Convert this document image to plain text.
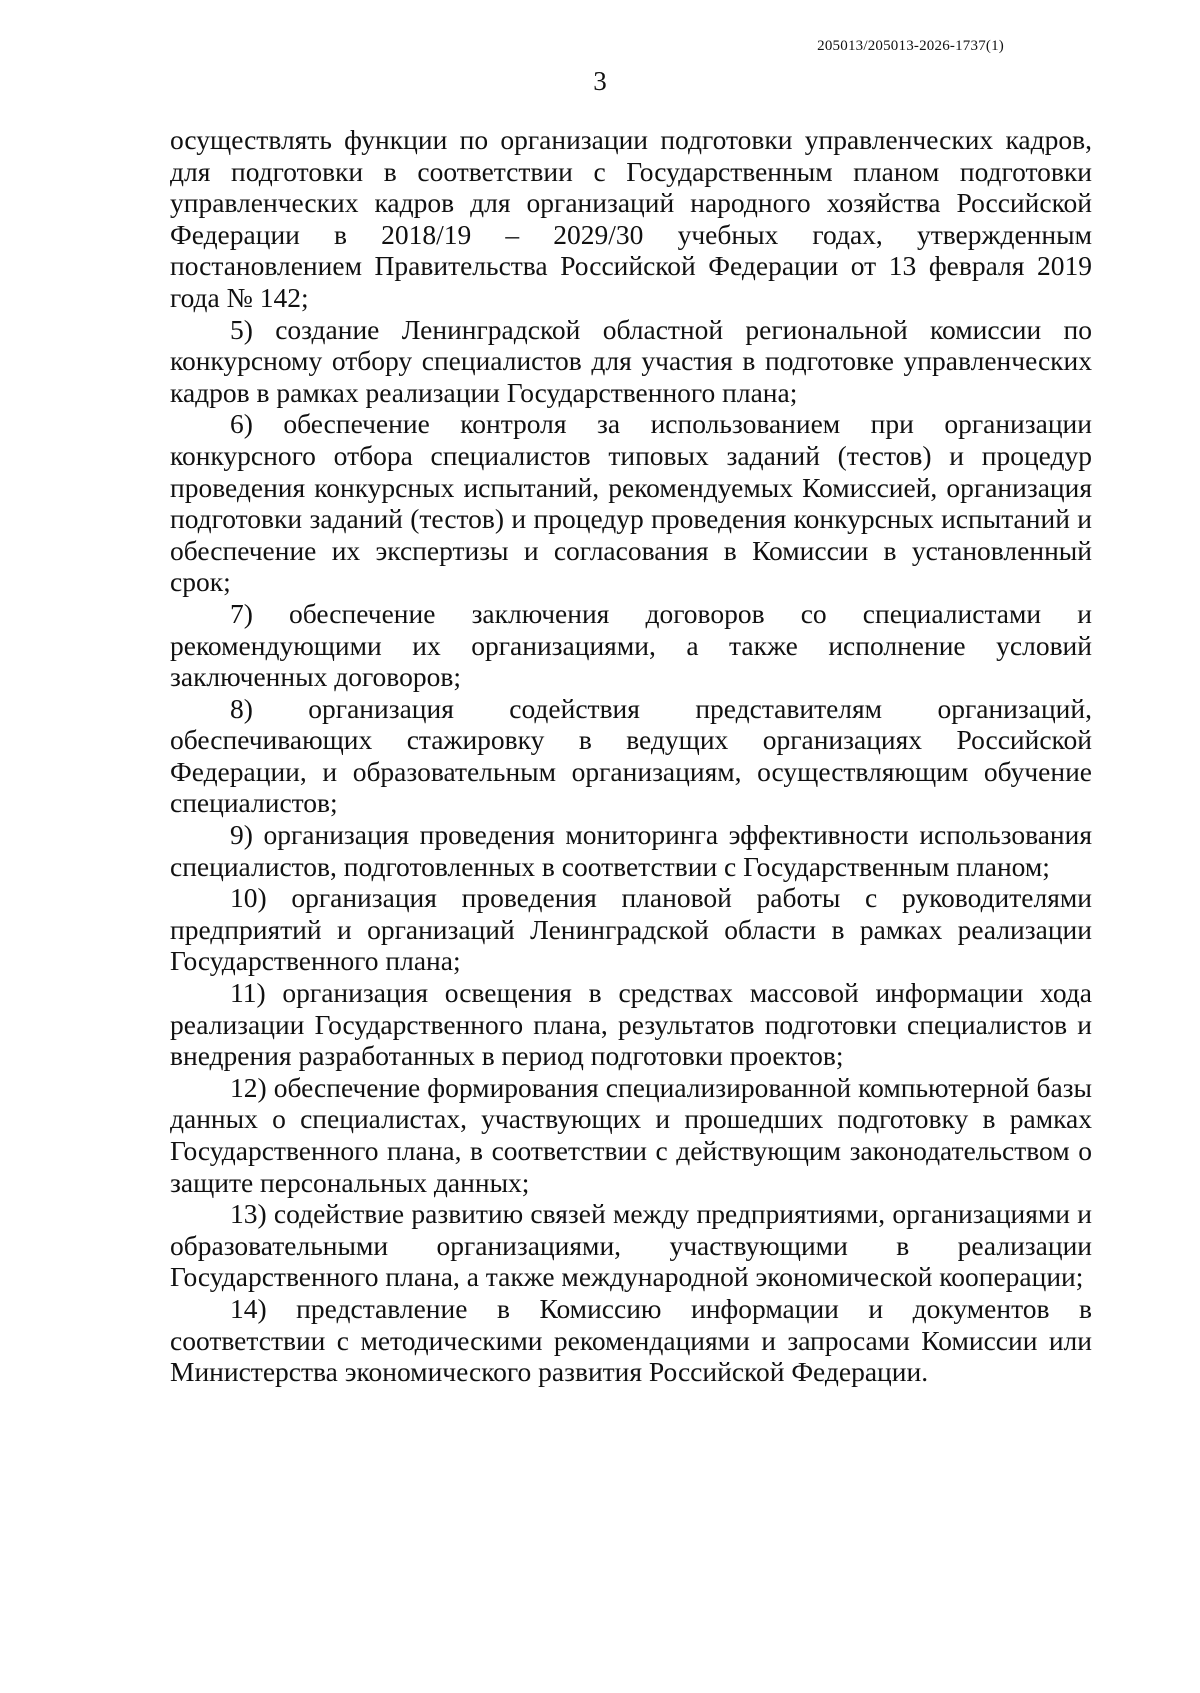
205013/205013-2026-1737(1)
3

осуществлять функции по организации подготовки управленческих кадров, для подготовки в соответствии с Государственным планом подготовки управленческих кадров для организаций народного хозяйства Российской Федерации в 2018/19 – 2029/30 учебных годах, утвержденным постановлением Правительства Российской Федерации от 13 февраля 2019 года № 142;

5) создание Ленинградской областной региональной комиссии по конкурсному отбору специалистов для участия в подготовке управленческих кадров в рамках реализации Государственного плана;

6) обеспечение контроля за использованием при организации конкурсного отбора специалистов типовых заданий (тестов) и процедур проведения конкурсных испытаний, рекомендуемых Комиссией, организация подготовки заданий (тестов) и процедур проведения конкурсных испытаний и обеспечение их экспертизы и согласования в Комиссии в установленный срок;

7) обеспечение заключения договоров со специалистами и рекомендующими их организациями, а также исполнение условий заключенных договоров;

8) организация содействия представителям организаций, обеспечивающих стажировку в ведущих организациях Российской Федерации, и образовательным организациям, осуществляющим обучение специалистов;

9) организация проведения мониторинга эффективности использования специалистов, подготовленных в соответствии с Государственным планом;

10) организация проведения плановой работы с руководителями предприятий и организаций Ленинградской области в рамках реализации Государственного плана;

11) организация освещения в средствах массовой информации хода реализации Государственного плана, результатов подготовки специалистов и внедрения разработанных в период подготовки проектов;

12) обеспечение формирования специализированной компьютерной базы данных о специалистах, участвующих и прошедших подготовку в рамках Государственного плана, в соответствии с действующим законодательством о защите персональных данных;

13) содействие развитию связей между предприятиями, организациями и образовательными организациями, участвующими в реализации Государственного плана, а также международной экономической кооперации;

14) представление в Комиссию информации и документов в соответствии с методическими рекомендациями и запросами Комиссии или Министерства экономического развития Российской Федерации.
